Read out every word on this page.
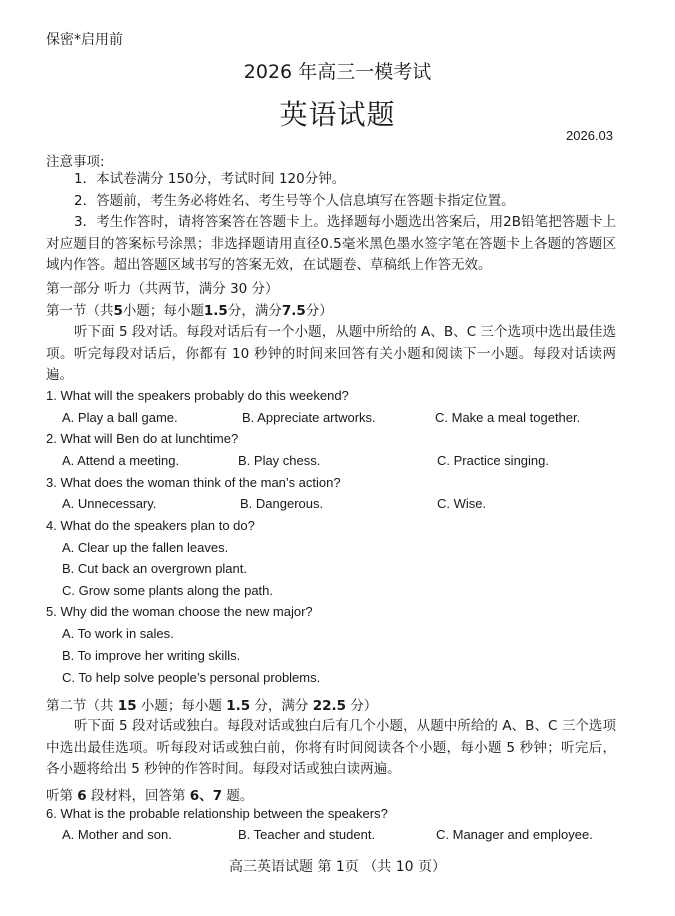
保密*启用前
2026 年高三一模考试
英语试题
2026.03
注意事项:
1．本试卷满分 150分，考试时间 120分钟。
2．答题前，考生务必将姓名、考生号等个人信息填写在答题卡指定位置。
3．考生作答时，请将答案答在答题卡上。选择题每小题选出答案后，用2B铅笔把答题卡上对应题目的答案标号涂黑；非选择题请用直径0.5毫米黑色墨水签字笔在答题卡上各题的答题区域内作答。超出答题区域书写的答案无效，在试题卷、草稿纸上作答无效。
第一部分 听力（共两节，满分 30 分）
第一节（共5小题；每小题1.5分，满分7.5分）
听下面 5 段对话。每段对话后有一个小题，从题中所给的 A、B、C 三个选项中选出最佳选项。听完每段对话后，你都有 10 秒钟的时间来回答有关小题和阅读下一小题。每段对话读两遍。
1. What will the speakers probably do this weekend?
A. Play a ball game.	B. Appreciate artworks.	C. Make a meal together.
2. What will Ben do at lunchtime?
A. Attend a meeting.	B. Play chess.	C. Practice singing.
3. What does the woman think of the man’s action?
A. Unnecessary.	B. Dangerous.	C. Wise.
4. What do the speakers plan to do?
A. Clear up the fallen leaves.
B. Cut back an overgrown plant.
C. Grow some plants along the path.
5. Why did the woman choose the new major?
A. To work in sales.
B. To improve her writing skills.
C. To help solve people’s personal problems.
第二节（共 15 小题；每小题 1.5 分，满分 22.5 分）
听下面 5 段对话或独白。每段对话或独白后有几个小题，从题中所给的 A、B、C 三个选项中选出最佳选项。听每段对话或独白前，你将有时间阅读各个小题，每小题 5 秒钟；听完后，各小题将给出 5 秒钟的作答时间。每段对话或独白读两遍。
听第 6 段材料，回答第 6、7 题。
6. What is the probable relationship between the speakers?
A. Mother and son.	B. Teacher and student.	C. Manager and employee.
高三英语试题 第 1页 （共 10 页）
